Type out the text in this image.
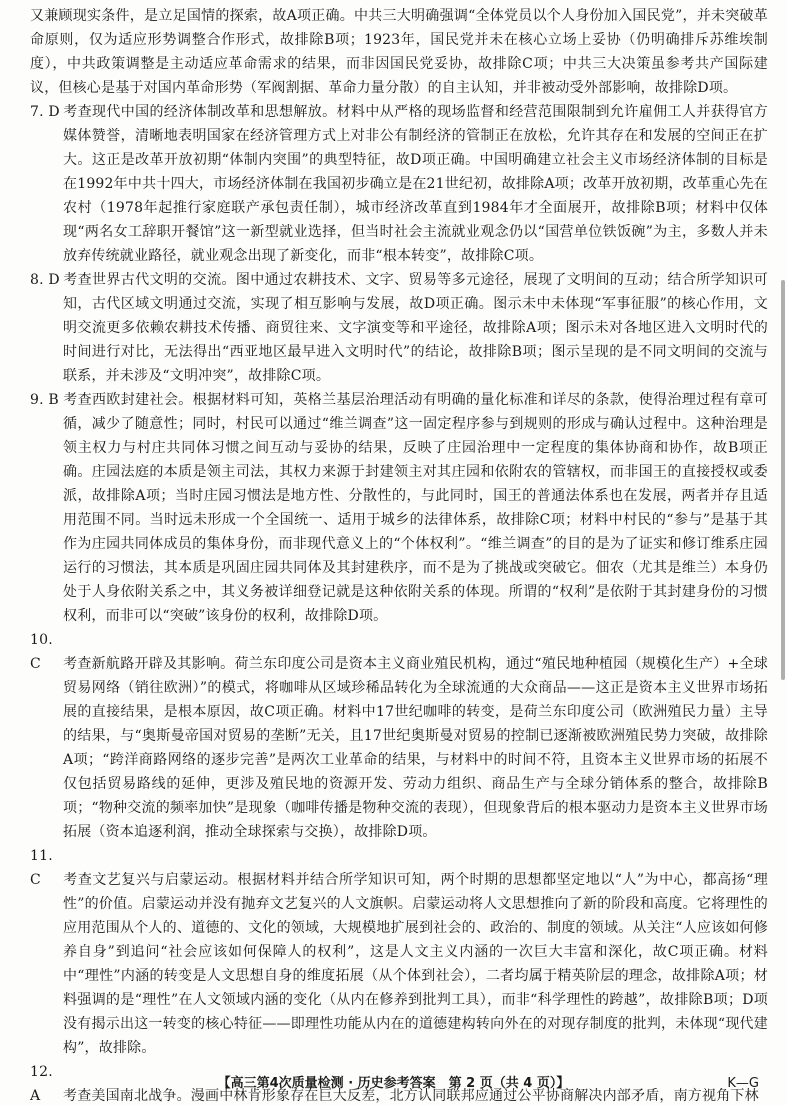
又兼顾现实条件，是立足国情的探索，故A项正确。中共三大明确强调“全体党员以个人身份加入国民党”，并未突破革命原则，仅为适应形势调整合作形式，故排除B项；1923年，国民党并未在核心立场上妥协（仍明确排斥苏维埃制度），中共政策调整是主动适应革命需求的结果，而非因国民党妥协，故排除C项；中共三大决策虽参考共产国际建议，但核心是基于对国内革命形势（军阀割据、革命力量分散）的自主认知，并非被动受外部影响，故排除D项。

7. D 考查现代中国的经济体制改革和思想解放。材料中从严格的现场监督和经营范围限制到允许雇佣工人并获得官方媒体赞誉，清晰地表明国家在经济管理方式上对非公有制经济的管制正在放松，允许其存在和发展的空间正在扩大。这正是改革开放初期“体制内突围”的典型特征，故D项正确。中国明确建立社会主义市场经济体制的目标是在1992年中共十四大，市场经济体制在我国初步确立是在21世纪初，故排除A项；改革开放初期，改革重心先在农村（1978年起推行家庭联产承包责任制），城市经济改革直到1984年才全面展开，故排除B项；材料中仅体现“两名女工辞职开餐馆”这一新型就业选择，但当时社会主流就业观念仍以“国营单位铁饭碗”为主，多数人并未放弃传统就业路径，就业观念出现了新变化，而非“根本转变”，故排除C项。

8. D 考查世界古代文明的交流。图中通过农耕技术、文字、贸易等多元途径，展现了文明间的互动；结合所学知识可知，古代区域文明通过交流，实现了相互影响与发展，故D项正确。图示未中未体现“军事征服”的核心作用，文明交流更多依赖农耕技术传播、商贸往来、文字演变等和平途径，故排除A项；图示未对各地区进入文明时代的时间进行对比，无法得出“西亚地区最早进入文明时代”的结论，故排除B项；图示呈现的是不同文明间的交流与联系，并未涉及“文明冲突”，故排除C项。

9. B 考查西欧封建社会。根据材料可知，英格兰基层治理活动有明确的量化标准和详尽的条款，使得治理过程有章可循，减少了随意性；同时，村民可以通过“维兰调查”这一固定程序参与到规则的形成与确认过程中。这种治理是领主权力与村庄共同体习惯之间互动与妥协的结果，反映了庄园治理中一定程度的集体协商和协作，故B项正确。庄园法庭的本质是领主司法，其权力来源于封建领主对其庄园和依附农的管辖权，而非国王的直接授权或委派，故排除A项；当时庄园习惯法是地方性、分散性的，与此同时，国王的普通法体系也在发展，两者并存且适用范围不同。当时远未形成一个全国统一、适用于城乡的法律体系，故排除C项；材料中村民的“参与”是基于其作为庄园共同体成员的集体身份，而非现代意义上的“个体权利”。“维兰调查”的目的是为了证实和修订维系庄园运行的习惯法，其本质是巩固庄园共同体及其封建秩序，而不是为了挑战或突破它。佃农（尤其是维兰）本身仍处于人身依附关系之中，其义务被详细登记就是这种依附关系的体现。所谓的“权利”是依附于其封建身份的习惯权利，而非可以“突破”该身份的权利，故排除D项。

10. C 考查新航路开辟及其影响。荷兰东印度公司是资本主义商业殖民机构，通过“殖民地种植园（规模化生产）+全球贸易网络（销往欧洲）”的模式，将咖啡从区域珍稀品转化为全球流通的大众商品——这正是资本主义世界市场拓展的直接结果，是根本原因，故C项正确。材料中17世纪咖啡的转变，是荷兰东印度公司（欧洲殖民力量）主导的结果，与“奥斯曼帝国对贸易的垄断”无关，且17世纪奥斯曼对贸易的控制已逐渐被欧洲殖民势力突破，故排除A项；“跨洋商路网络的逐步完善”是两次工业革命的结果，与材料中的时间不符，且资本主义世界市场的拓展不仅包括贸易路线的延伸，更涉及殖民地的资源开发、劳动力组织、商品生产与全球分销体系的整合，故排除B项；“物种交流的频率加快”是现象（咖啡传播是物种交流的表现），但现象背后的根本驱动力是资本主义世界市场拓展（资本追逐利润，推动全球探索与交换），故排除D项。

11. C 考查文艺复兴与启蒙运动。根据材料并结合所学知识可知，两个时期的思想都坚定地以“人”为中心，都高扬“理性”的价值。启蒙运动并没有抛弃文艺复兴的人文旗帜。启蒙运动将人文思想推向了新的阶段和高度。它将理性的应用范围从个人的、道德的、文化的领域，大规模地扩展到社会的、政治的、制度的领域。从关注“人应该如何修养自身”到追问“社会应该如何保障人的权利”，这是人文主义内涵的一次巨大丰富和深化，故C项正确。材料中“理性”内涵的转变是人文思想自身的维度拓展（从个体到社会），二者均属于精英阶层的理念，故排除A项；材料强调的是“理性”在人文领域内涵的变化（从内在修养到批判工具），而非“科学理性的跨越”，故排除B项；D项没有揭示出这一转变的核心特征——即理性功能从内在的道德建构转向外在的对现存制度的批判，未体现“现代建构”，故排除。

12. A 考查美国南北战争。漫画中林肯形象存在巨大反差，北方认同联邦应通过公平协商解决内部矛盾，南方视角下林

【高三第4次质量检测 · 历史参考答案　第 2 页（共 4 页）】	K—G
